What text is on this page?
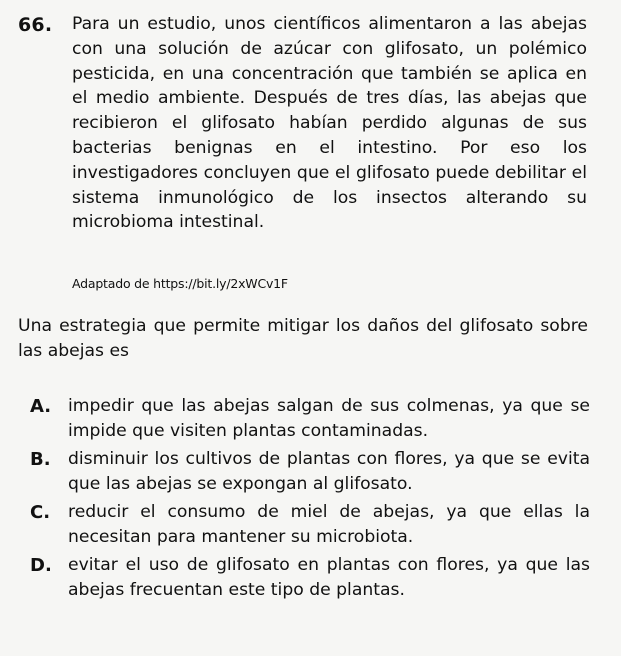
66. Para un estudio, unos científicos alimentaron a las abejas con una solución de azúcar con glifosato, un polémico pesticida, en una concentración que también se aplica en el medio ambiente. Después de tres días, las abejas que recibieron el glifosato habían perdido algunas de sus bacterias benignas en el intestino. Por eso los investigadores concluyen que el glifosato puede debilitar el sistema inmunológico de los insectos alterando su microbioma intestinal.
Adaptado de https://bit.ly/2xWCv1F
Una estrategia que permite mitigar los daños del glifosato sobre las abejas es
A. impedir que las abejas salgan de sus colmenas, ya que se impide que visiten plantas contaminadas.
B. disminuir los cultivos de plantas con flores, ya que se evita que las abejas se expongan al glifosato.
C. reducir el consumo de miel de abejas, ya que ellas la necesitan para mantener su microbiota.
D. evitar el uso de glifosato en plantas con flores, ya que las abejas frecuentan este tipo de plantas.
